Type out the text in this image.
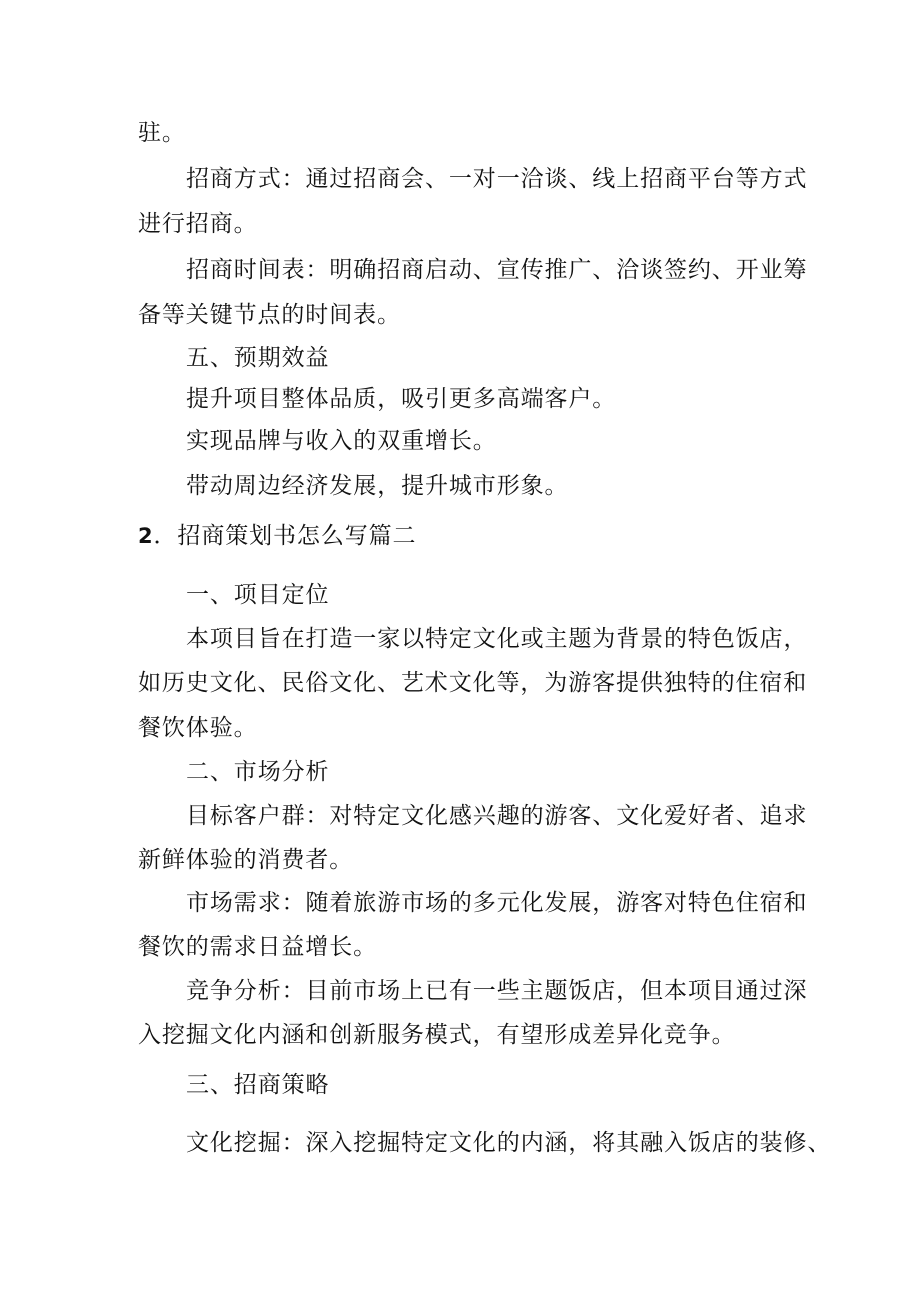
驻。
招商方式：通过招商会、一对一洽谈、线上招商平台等方式
进行招商。
招商时间表：明确招商启动、宣传推广、洽谈签约、开业筹
备等关键节点的时间表。
五、预期效益
提升项目整体品质，吸引更多高端客户。
实现品牌与收入的双重增长。
带动周边经济发展，提升城市形象。
2．招商策划书怎么写篇二
一、项目定位
本项目旨在打造一家以特定文化或主题为背景的特色饭店，
如历史文化、民俗文化、艺术文化等，为游客提供独特的住宿和
餐饮体验。
二、市场分析
目标客户群：对特定文化感兴趣的游客、文化爱好者、追求
新鲜体验的消费者。
市场需求：随着旅游市场的多元化发展，游客对特色住宿和
餐饮的需求日益增长。
竞争分析：目前市场上已有一些主题饭店，但本项目通过深
入挖掘文化内涵和创新服务模式，有望形成差异化竞争。
三、招商策略
文化挖掘：深入挖掘特定文化的内涵，将其融入饭店的装修、
